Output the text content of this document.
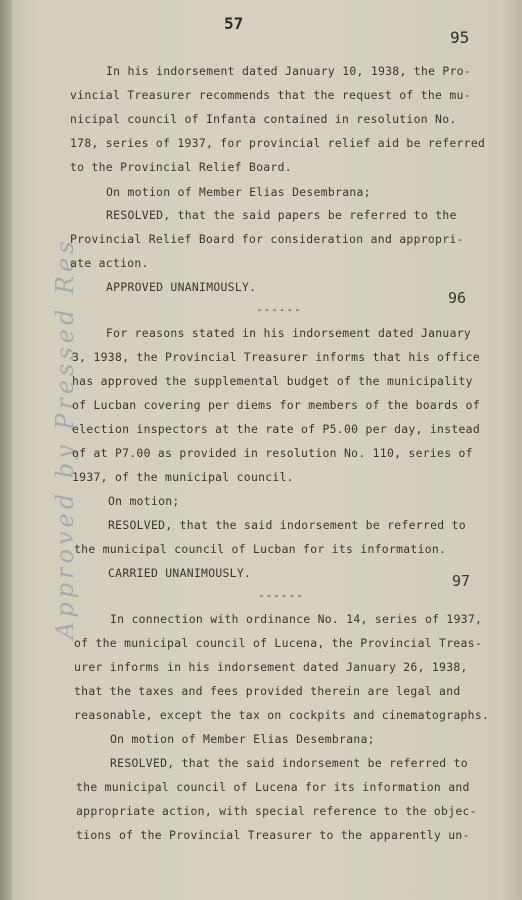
Approved by Pressed Res
57
95
In his indorsement dated January 10, 1938, the Pro-
vincial Treasurer recommends that the request of the mu-
nicipal council of Infanta contained in resolution No.
178, series of 1937, for provincial relief aid be referred
to the Provincial Relief Board.
On motion of Member Elias Desembrana;
RESOLVED, that the said papers be referred to the
Provincial Relief Board for consideration and appropri-
ate action.
APPROVED UNANIMOUSLY.
------
96
For reasons stated in his indorsement dated January
3, 1938, the Provincial Treasurer informs that his office
has approved the supplemental budget of the municipality
of Lucban covering per diems for members of the boards of
election inspectors at the rate of P5.00 per day, instead
of at P7.00 as provided in resolution No. 110, series of
1937, of the municipal council.
On motion;
RESOLVED, that the said indorsement be referred to
the municipal council of Lucban for its information.
CARRIED UNANIMOUSLY.
------
97
In connection with ordinance No. 14, series of 1937,
of the municipal council of Lucena, the Provincial Treas-
urer informs in his indorsement dated January 26, 1938,
that the taxes and fees provided therein are legal and
reasonable, except the tax on cockpits and cinematographs.
On motion of Member Elias Desembrana;
RESOLVED, that the said indorsement be referred to
the municipal council of Lucena for its information and
appropriate action, with special reference to the objec-
tions of the Provincial Treasurer to the apparently un-
